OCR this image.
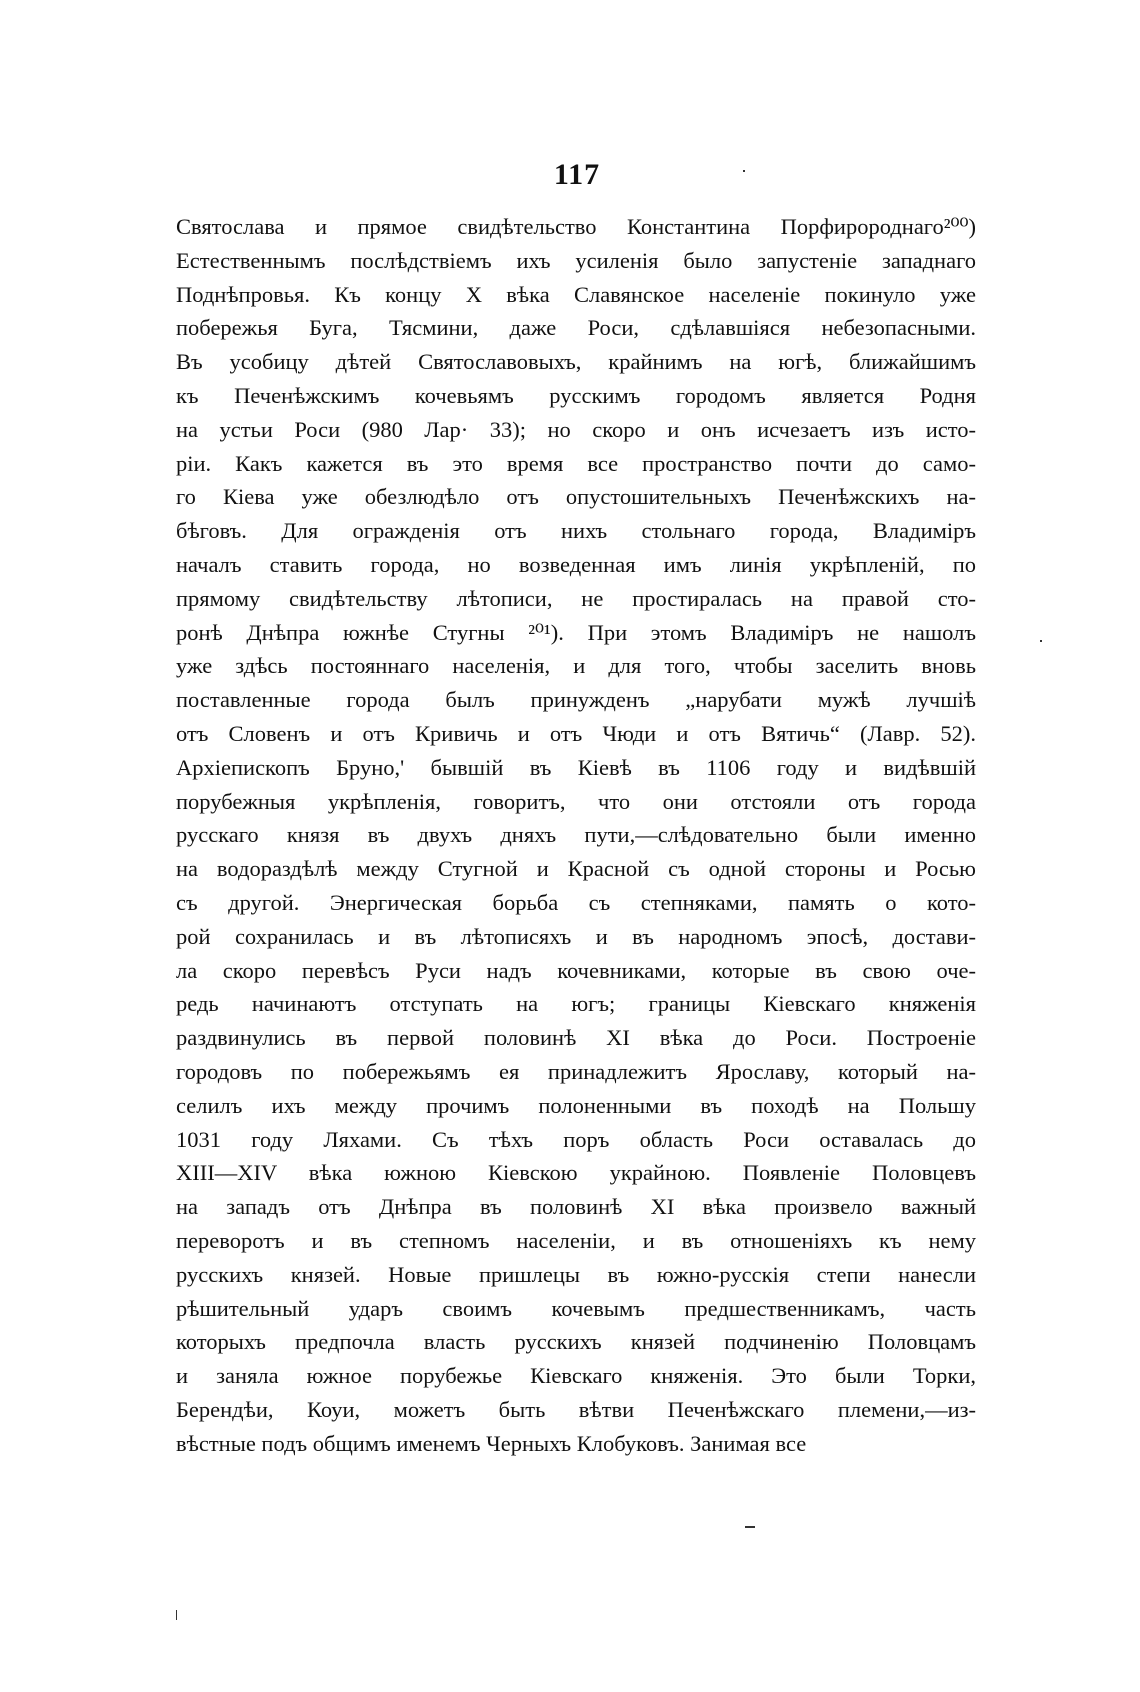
117
Святослава и прямое свидѣтельство Константина Порфиророднаго²⁰⁰)
Естественнымъ послѣдствіемъ ихъ усиленія было запустеніе западнаго
Поднѣпровья. Къ концу X вѣка Славянское населеніе покинуло уже
побережья Буга, Тясмини, даже Роси, сдѣлавшіяся небезопасными.
Въ усобицу дѣтей Святославовыхъ, крайнимъ на югѣ, ближайшимъ
къ Печенѣжскимъ кочевьямъ русскимъ городомъ является Родня
на устьи Роси (980 Лар· 33); но скоро и онъ исчезаетъ изъ исто-
ріи. Какъ кажется въ это время все пространство почти до само-
го Кіева уже обезлюдѣло отъ опустошительныхъ Печенѣжскихъ на-
бѣговъ. Для огражденія отъ нихъ стольнаго города, Владиміръ
началъ ставить города, но возведенная имъ линія укрѣпленій, по
прямому свидѣтельству лѣтописи, не простиралась на правой сто-
ронѣ Днѣпра южнѣе Стугны ²⁰¹). При этомъ Владиміръ не нашолъ
уже здѣсь постояннаго населенія, и для того, чтобы заселить вновь
поставленные города былъ принужденъ „нарубати мужѣ лучшіѣ
отъ Словенъ и отъ Кривичь и отъ Чюди и отъ Вятичь“ (Лавр. 52).
Архіепископъ Бруно,' бывшій въ Кіевѣ въ 1106 году и видѣвшій
порубежныя укрѣпленія, говоритъ, что они отстояли отъ города
русскаго князя въ двухъ дняхъ пути,—слѣдовательно были именно
на водораздѣлѣ между Стугной и Красной съ одной стороны и Росью
съ другой. Энергическая борьба съ степняками, память о кото-
рой сохранилась и въ лѣтописяхъ и въ народномъ эпосѣ, достави-
ла скоро перевѣсъ Руси надъ кочевниками, которые въ свою оче-
редь начинаютъ отступать на югъ; границы Кіевскаго княженія
раздвинулись въ первой половинѣ XI вѣка до Роси. Построеніе
городовъ по побережьямъ ея принадлежитъ Ярославу, который на-
селилъ ихъ между прочимъ полоненными въ походѣ на Польшу
1031 году Ляхами. Съ тѣхъ поръ область Роси оставалась до
XIII—XIV вѣка южною Кіевскою украйною. Появленіе Половцевъ
на западъ отъ Днѣпра въ половинѣ XI вѣка произвело важный
переворотъ и въ степномъ населеніи, и въ отношеніяхъ къ нему
русскихъ князей. Новые пришлецы въ южно-русскія степи нанесли
рѣшительный ударъ своимъ кочевымъ предшественникамъ, часть
которыхъ предпочла власть русскихъ князей подчиненію Половцамъ
и заняла южное порубежье Кіевскаго княженія. Это были Торки,
Берендѣи, Коуи, можетъ быть вѣтви Печенѣжскаго племени,—из-
вѣстные подъ общимъ именемъ Черныхъ Клобуковъ. Занимая все
